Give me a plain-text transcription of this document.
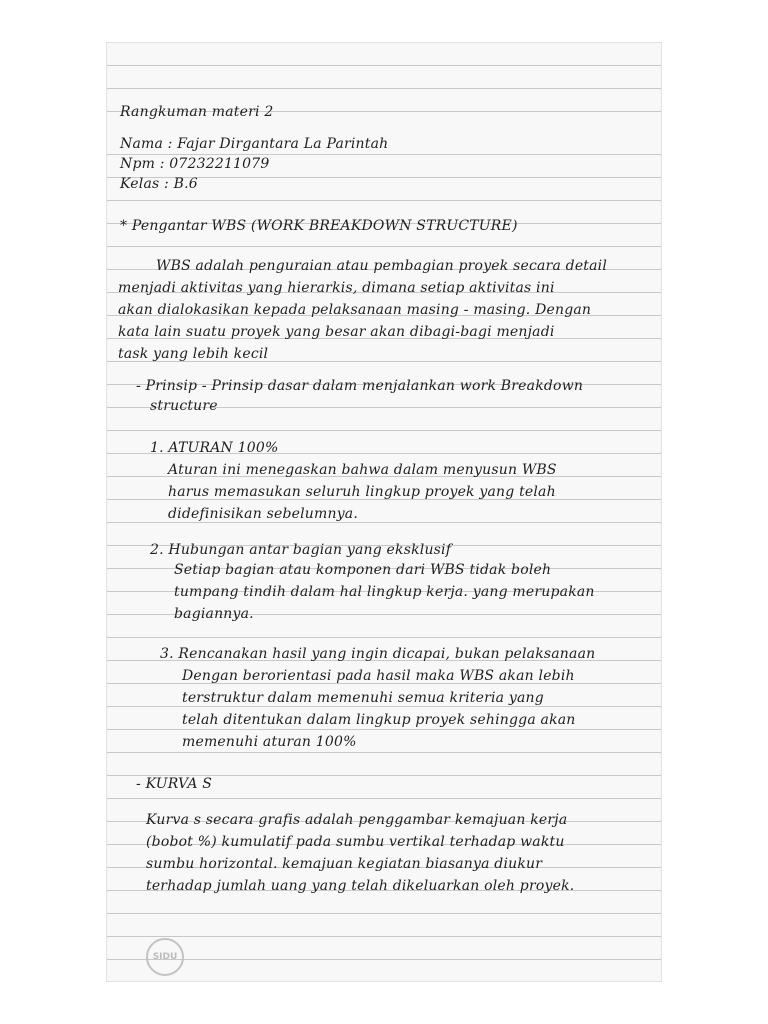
Rangkuman materi 2
Nama : Fajar Dirgantara La Parintah
Npm : 07232211079
Kelas : B.6
* Pengantar WBS (WORK BREAKDOWN STRUCTURE)
WBS adalah penguraian atau pembagian proyek secara detail
menjadi aktivitas yang hierarkis, dimana setiap aktivitas ini
akan dialokasikan kepada pelaksanaan masing - masing. Dengan
kata lain suatu proyek yang besar akan dibagi-bagi menjadi
task yang lebih kecil
- Prinsip - Prinsip dasar dalam menjalankan work Breakdown
structure
1. ATURAN 100%
Aturan ini menegaskan bahwa dalam menyusun WBS
harus memasukan seluruh lingkup proyek yang telah
didefinisikan sebelumnya.
2. Hubungan antar bagian yang eksklusif
Setiap bagian atau komponen dari WBS tidak boleh
tumpang tindih dalam hal lingkup kerja. yang merupakan
bagiannya.
3. Rencanakan hasil yang ingin dicapai, bukan pelaksanaan
Dengan berorientasi pada hasil maka WBS akan lebih
terstruktur dalam memenuhi semua kriteria yang
telah ditentukan dalam lingkup proyek sehingga akan
memenuhi aturan 100%
- KURVA S
Kurva s secara grafis adalah penggambar kemajuan kerja
(bobot %) kumulatif pada sumbu vertikal terhadap waktu
sumbu horizontal. kemajuan kegiatan biasanya diukur
terhadap jumlah uang yang telah dikeluarkan oleh proyek.
SIDU
